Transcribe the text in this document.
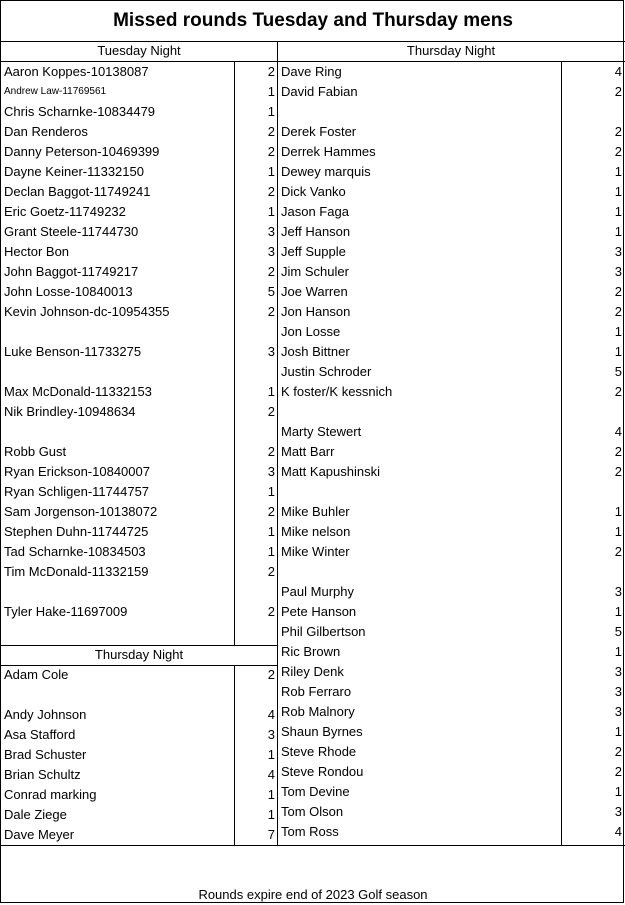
Missed rounds Tuesday and Thursday mens
Tuesday Night	Thursday Night
Aaron Koppes-10138087	2
Andrew Law-11769561	1
Chris Scharnke-10834479	1
Dan Renderos	2
Danny Peterson-10469399	2
Dayne Keiner-11332150	1
Declan Baggot-11749241	2
Eric Goetz-11749232	1
Grant Steele-11744730	3
Hector Bon	3
John Baggot-11749217	2
John Losse-10840013	5
Kevin Johnson-dc-10954355	2
Luke Benson-11733275	3
Max McDonald-11332153	1
Nik Brindley-10948634	2
Robb Gust	2
Ryan Erickson-10840007	3
Ryan Schligen-11744757	1
Sam Jorgenson-10138072	2
Stephen Duhn-11744725	1
Tad Scharnke-10834503	1
Tim McDonald-11332159	2
Tyler Hake-11697009	2
Adam Cole	2
Andy Johnson	4
Asa Stafford	3
Brad Schuster	1
Brian Schultz	4
Conrad marking	1
Dale Ziege	1
Dave Meyer	7
Dave Ring	4
David Fabian	2
Derek Foster	2
Derrek Hammes	2
Dewey marquis	1
Dick Vanko	1
Jason Faga	1
Jeff Hanson	1
Jeff Supple	3
Jim Schuler	3
Joe Warren	2
Jon Hanson	2
Jon Losse	1
Josh Bittner	1
Justin Schroder	5
K foster/K kessnich	2
Marty Stewert	4
Matt Barr	2
Matt Kapushinski	2
Mike Buhler	1
Mike nelson	1
Mike Winter	2
Paul Murphy	3
Pete Hanson	1
Phil Gilbertson	5
Ric Brown	1
Riley Denk	3
Rob Ferraro	3
Rob Malnory	3
Shaun Byrnes	1
Steve Rhode	2
Steve Rondou	2
Tom Devine	1
Tom Olson	3
Tom Ross	4
Thursday Night
Rounds expire end of 2023 Golf season
